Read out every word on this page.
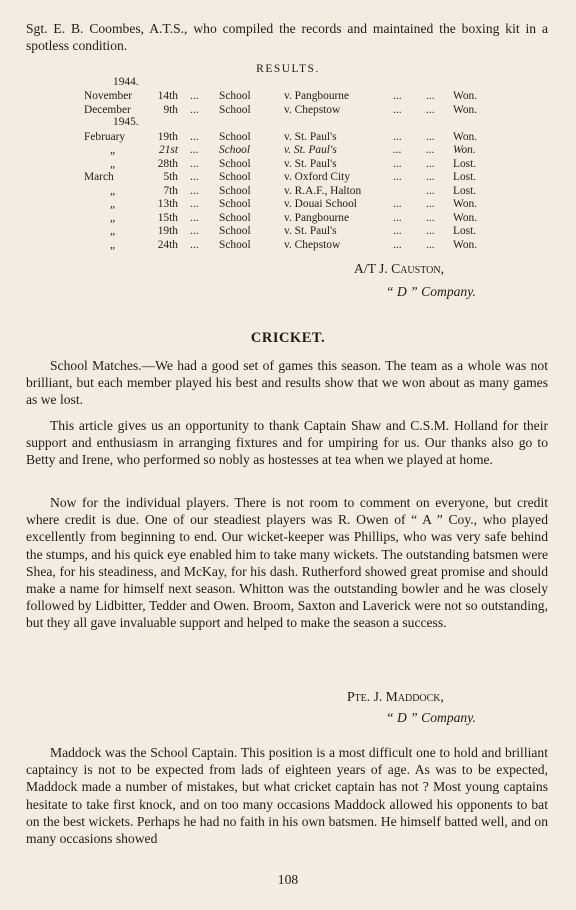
Sgt. E. B. Coombes, A.T.S., who compiled the records and maintained the boxing kit in a spotless condition.

RESULTS.

1944.
1945.
November	14th ... School	v. Pangbourne	... ... Won.
December	9th ... School	v. Chepstow	... ... Won.
February	19th ... School	v. St. Paul's	... ... Won.
„	21st ... School	v. St. Paul's	... ... Won.
„	28th ... School	v. St. Paul's	... ... Lost.
March	5th ... School	v. Oxford City	... ... Lost.
„	7th ... School	v. R.A.F., Halton	... Lost.
„	13th ... School	v. Douai School	... ... Won.
„	15th ... School	v. Pangbourne	... ... Won.
„	19th ... School	v. St. Paul's	... ... Lost.
„	24th ... School	v. Chepstow	... ... Won.
A/T J. Causton,
“ D ” Company.

CRICKET.

School Matches.—We had a good set of games this season. The team as a whole was not brilliant, but each member played his best and results show that we won about as many games as we lost.

This article gives us an opportunity to thank Captain Shaw and C.S.M. Holland for their support and enthusiasm in arranging fixtures and for umpiring for us. Our thanks also go to Betty and Irene, who performed so nobly as hostesses at tea when we played at home.

Now for the individual players. There is not room to comment on everyone, but credit where credit is due. One of our steadiest players was R. Owen of “ A ” Coy., who played excellently from beginning to end. Our wicket-keeper was Phillips, who was very safe behind the stumps, and his quick eye enabled him to take many wickets. The outstanding batsmen were Shea, for his steadiness, and McKay, for his dash. Rutherford showed great promise and should make a name for himself next season. Whitton was the outstanding bowler and he was closely followed by Lidbitter, Tedder and Owen. Broom, Saxton and Laverick were not so outstanding, but they all gave invaluable support and helped to make the season a success.

Pte. J. Maddock,
“ D ” Company.

Maddock was the School Captain. This position is a most difficult one to hold and brilliant captaincy is not to be expected from lads of eighteen years of age. As was to be expected, Maddock made a number of mistakes, but what cricket captain has not ? Most young captains hesitate to take first knock, and on too many occasions Maddock allowed his opponents to bat on the best wickets. Perhaps he had no faith in his own batsmen. He himself batted well, and on many occasions showed

108
